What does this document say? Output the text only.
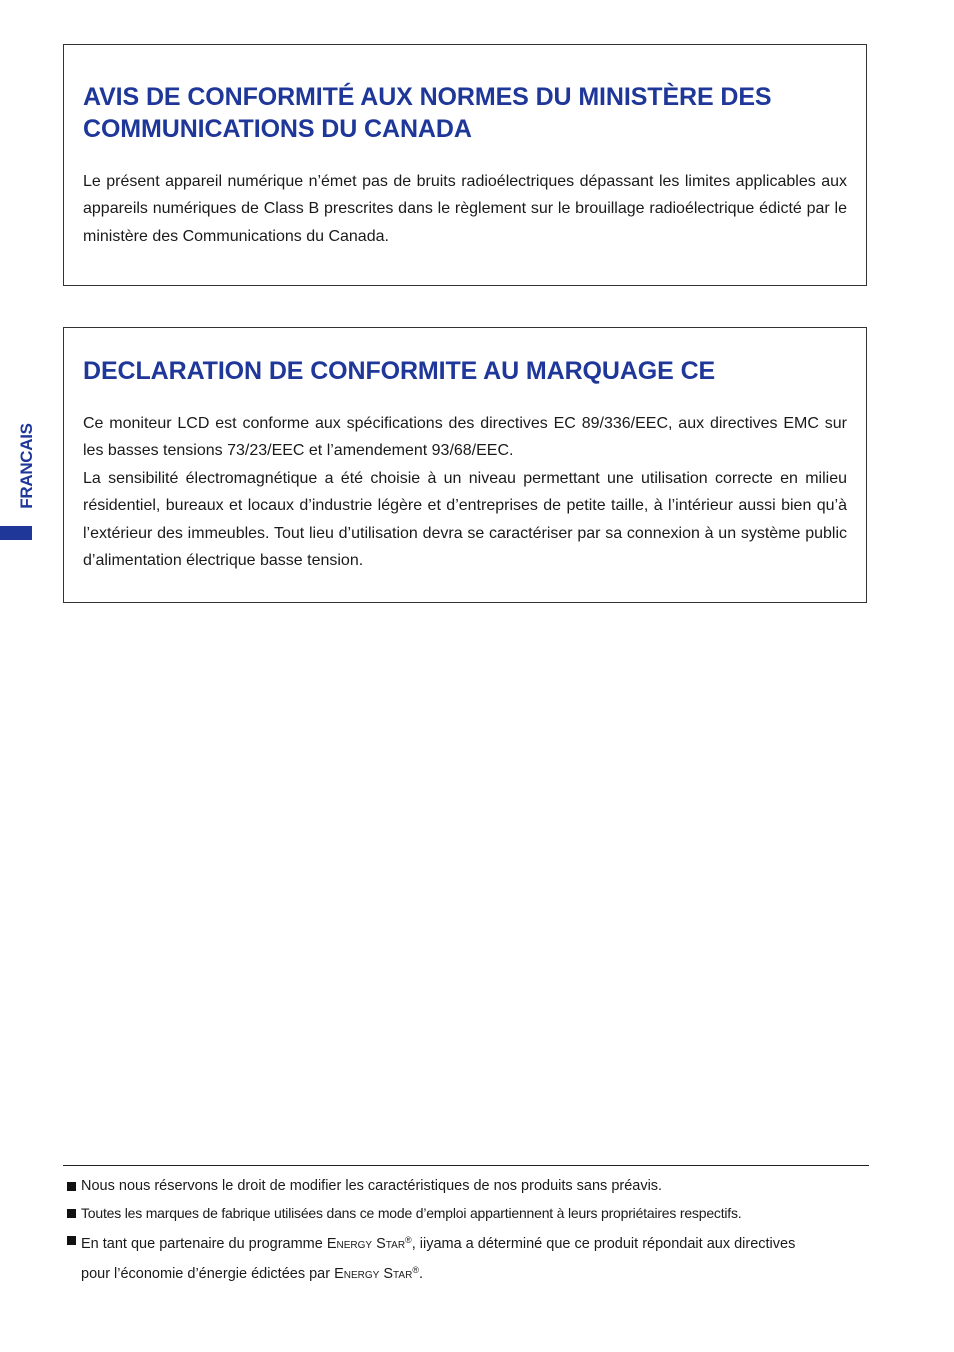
FRANCAIS
AVIS DE CONFORMITÉ AUX NORMES DU MINISTÈRE DES COMMUNICATIONS DU CANADA

Le présent appareil numérique n’émet pas de bruits radioélectriques dépassant les limites applicables aux appareils numériques de Class B prescrites dans le règlement sur le brouillage radioélectrique édicté par le ministère des Communications du Canada.

DECLARATION DE CONFORMITE AU MARQUAGE CE

Ce moniteur LCD est conforme aux spécifications des directives EC 89/336/EEC, aux directives EMC sur les basses tensions 73/23/EEC et l’amendement 93/68/EEC.

La sensibilité électromagnétique a été choisie à un niveau permettant une utilisation correcte en milieu résidentiel, bureaux et locaux d’industrie légère et d’entreprises de petite taille, à l’intérieur aussi bien qu’à l’extérieur des immeubles. Tout lieu d’utilisation devra se caractériser par sa connexion à un système public d’alimentation électrique basse tension.

Nous nous réservons le droit de modifier les caractéristiques de nos produits sans préavis.
Toutes les marques de fabrique utilisées dans ce mode d’emploi appartiennent à leurs propriétaires respectifs.
En tant que partenaire du programme Energy Star®, iiyama a déterminé que ce produit répondait aux directives
pour l’économie d’énergie édictées par Energy Star®.
